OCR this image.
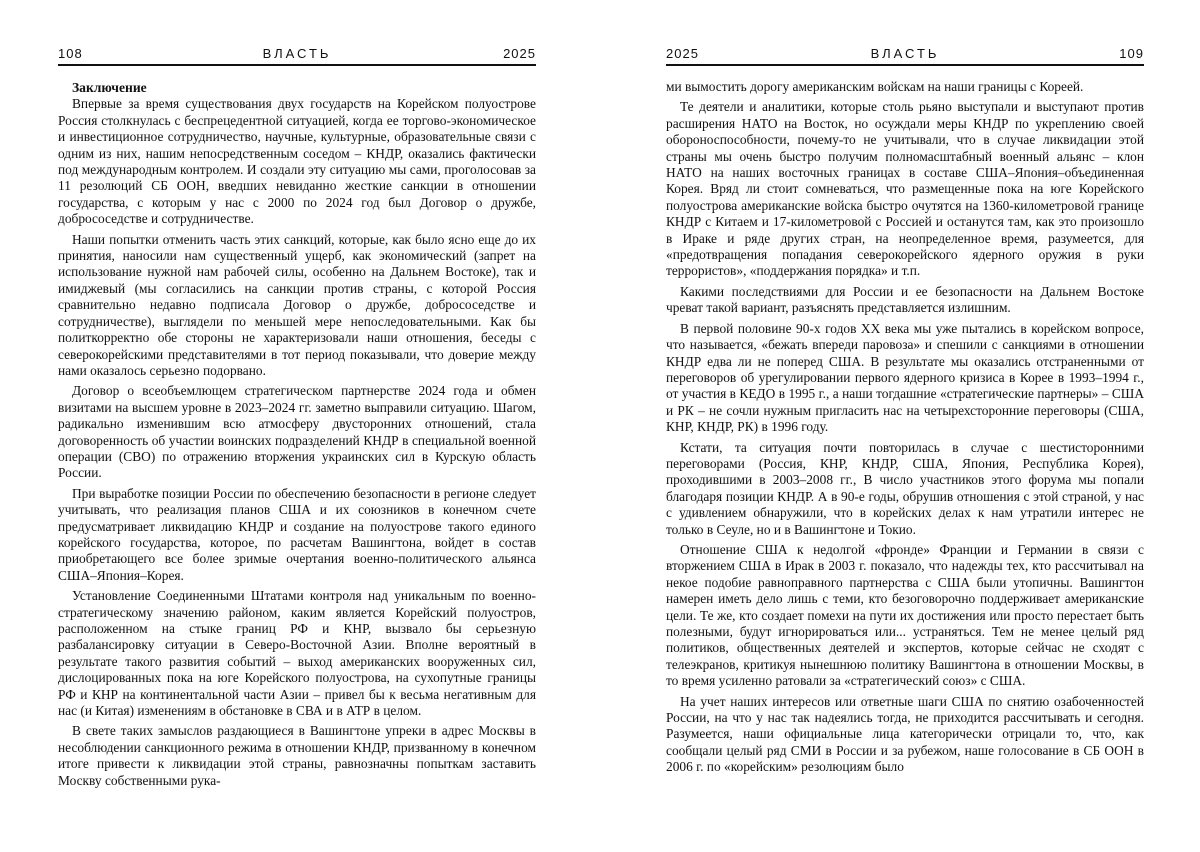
108	ВЛАСТЬ	2025
Заключение

Впервые за время существования двух государств на Корейском полуострове Россия столкнулась с беспрецедентной ситуацией, когда ее торгово-экономическое и инвестиционное сотрудничество, научные, культурные, образовательные связи с одним из них, нашим непосредственным соседом – КНДР, оказались фактически под международным контролем. И создали эту ситуацию мы сами, проголосовав за 11 резолюций СБ ООН, введших невиданно жесткие санкции в отношении государства, с которым у нас с 2000 по 2024 год был Договор о дружбе, добрососедстве и сотрудничестве.

Наши попытки отменить часть этих санкций, которые, как было ясно еще до их принятия, наносили нам существенный ущерб, как экономический (запрет на использование нужной нам рабочей силы, особенно на Дальнем Востоке), так и имиджевый (мы согласились на санкции против страны, с которой Россия сравнительно недавно подписала Договор о дружбе, добрососедстве и сотрудничестве), выглядели по меньшей мере непоследовательными. Как бы политкорректно обе стороны не характеризовали наши отношения, беседы с северокорейскими представителями в тот период показывали, что доверие между нами оказалось серьезно подорвано.

Договор о всеобъемлющем стратегическом партнерстве 2024 года и обмен визитами на высшем уровне в 2023–2024 гг. заметно выправили ситуацию. Шагом, радикально изменившим всю атмосферу двусторонних отношений, стала договоренность об участии воинских подразделений КНДР в специальной военной операции (СВО) по отражению вторжения украинских сил в Курскую область России.

При выработке позиции России по обеспечению безопасности в регионе следует учитывать, что реализация планов США и их союзников в конечном счете предусматривает ликвидацию КНДР и создание на полуострове такого единого корейского государства, которое, по расчетам Вашингтона, войдет в состав приобретающего все более зримые очертания военно-политического альянса США–Япония–Корея.

Установление Соединенными Штатами контроля над уникальным по военно-стратегическому значению районом, каким является Корейский полуостров, расположенном на стыке границ РФ и КНР, вызвало бы серьезную разбалансировку ситуации в Северо-Восточной Азии. Вполне вероятный в результате такого развития событий – выход американских вооруженных сил, дислоцированных пока на юге Корейского полуострова, на сухопутные границы РФ и КНР на континентальной части Азии – привел бы к весьма негативным для нас (и Китая) изменениям в обстановке в СВА и в АТР в целом.

В свете таких замыслов раздающиеся в Вашингтоне упреки в адрес Москвы в несоблюдении санкционного режима в отношении КНДР, призванному в конечном итоге привести к ликвидации этой страны, равнозначны попыткам заставить Москву собственными рука-

2025	ВЛАСТЬ	109

ми вымостить дорогу американским войскам на наши границы с Кореей.

Те деятели и аналитики, которые столь рьяно выступали и выступают против расширения НАТО на Восток, но осуждали меры КНДР по укреплению своей обороноспособности, почему-то не учитывали, что в случае ликвидации этой страны мы очень быстро получим полномасштабный военный альянс – клон НАТО на наших восточных границах в составе США–Япония–объединенная Корея. Вряд ли стоит сомневаться, что размещенные пока на юге Корейского полуострова американские войска быстро очутятся на 1360-километровой границе КНДР с Китаем и 17-километровой с Россией и останутся там, как это произошло в Ираке и ряде других стран, на неопределенное время, разумеется, для «предотвращения попадания северокорейского ядерного оружия в руки террористов», «поддержания порядка» и т.п.

Какими последствиями для России и ее безопасности на Дальнем Востоке чреват такой вариант, разъяснять представляется излишним.

В первой половине 90-х годов XX века мы уже пытались в корейском вопросе, что называется, «бежать впереди паровоза» и спешили с санкциями в отношении КНДР едва ли не поперед США. В результате мы оказались отстраненными от переговоров об урегулировании первого ядерного кризиса в Корее в 1993–1994 г., от участия в КЕДО в 1995 г., а наши тогдашние «стратегические партнеры» – США и РК – не сочли нужным пригласить нас на четырехсторонние переговоры (США, КНР, КНДР, РК) в 1996 году.

Кстати, та ситуация почти повторилась в случае с шестисторонними переговорами (Россия, КНР, КНДР, США, Япония, Республика Корея), проходившими в 2003–2008 гг., В число участников этого форума мы попали благодаря позиции КНДР. А в 90-е годы, обрушив отношения с этой страной, у нас с удивлением обнаружили, что в корейских делах к нам утратили интерес не только в Сеуле, но и в Вашингтоне и Токио.

Отношение США к недолгой «фронде» Франции и Германии в связи с вторжением США в Ирак в 2003 г. показало, что надежды тех, кто рассчитывал на некое подобие равноправного партнерства с США были утопичны. Вашингтон намерен иметь дело лишь с теми, кто безоговорочно поддерживает американские цели. Те же, кто создает помехи на пути их достижения или просто перестает быть полезными, будут игнорироваться или... устраняться. Тем не менее целый ряд политиков, общественных деятелей и экспертов, которые сейчас не сходят с телеэкранов, критикуя нынешнюю политику Вашингтона в отношении Москвы, в то время усиленно ратовали за «стратегический союз» с США.

На учет наших интересов или ответные шаги США по снятию озабоченностей России, на что у нас так надеялись тогда, не приходится рассчитывать и сегодня. Разумеется, наши официальные лица категорически отрицали то, что, как сообщали целый ряд СМИ в России и за рубежом, наше голосование в СБ ООН в 2006 г. по «корейским» резолюциям было
